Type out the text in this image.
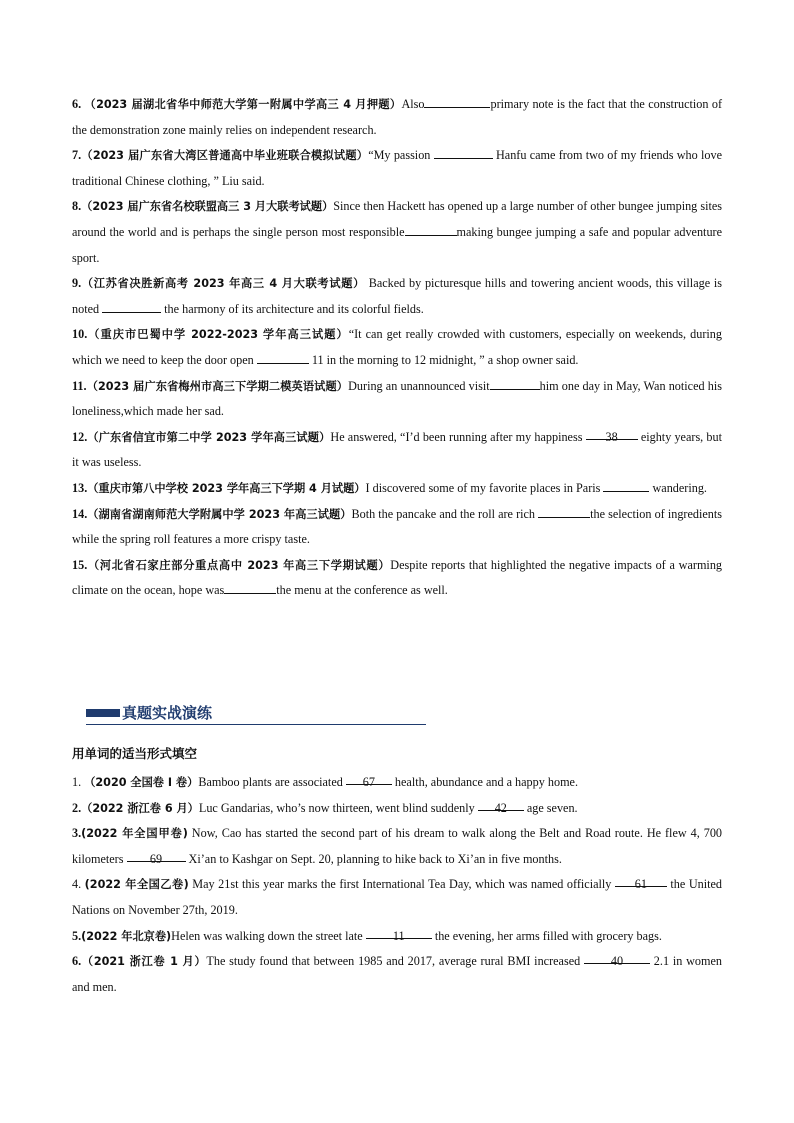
6. （2023 届湖北省华中师范大学第一附属中学高三 4 月押题）Also	primary note is the fact that the construction of the demonstration zone mainly relies on independent research.

7.（2023 届广东省大湾区普通高中毕业班联合模拟试题）“My passion	Hanfu came from two of my friends who love traditional Chinese clothing, ” Liu said.

8.（2023 届广东省名校联盟高三 3 月大联考试题）Since then Hackett has opened up a large number of other bungee jumping sites around the world and is perhaps the single person most responsible	making bungee jumping a safe and popular adventure sport.

9.（江苏省决胜新高考 2023 年高三 4 月大联考试题） Backed by picturesque hills and towering ancient woods, this village is noted	the harmony of its architecture and its colorful fields.

10.（重庆市巴蜀中学 2022-2023 学年高三试题）“It can get really crowded with customers, especially on weekends, during which we need to keep the door open	11 in the morning to 12 midnight, ” a shop owner said.

11.（2023 届广东省梅州市高三下学期二模英语试题）During an unannounced visit	him one day in May, Wan noticed his loneliness,which made her sad.

12.（广东省信宜市第二中学 2023 学年高三试题）He answered, “I’d been running after my happiness 38 eighty years, but it was useless.

13.（重庆市第八中学校 2023 学年高三下学期 4 月试题）I discovered some of my favorite places in Paris	wandering.

14.（湖南省湖南师范大学附属中学 2023 年高三试题）Both the pancake and the roll are rich	the selection of ingredients while the spring roll features a more crispy taste.

15.（河北省石家庄部分重点高中 2023 年高三下学期试题）Despite reports that highlighted the negative impacts of a warming climate on the ocean, hope was	the menu at the conference as well.

真题实战演练
用单词的适当形式填空

1. （2020 全国卷 I 卷）Bamboo plants are associated 67 health, abundance and a happy home.

2.（2022 浙江卷 6 月）Luc Gandarias, who’s now thirteen, went blind suddenly 42 age seven.

3.(2022 年全国甲卷) Now, Cao has started the second part of his dream to walk along the Belt and Road route. He flew 4, 700 kilometers 69 Xi’an to Kashgar on Sept. 20, planning to hike back to Xi’an in five months.

4. (2022 年全国乙卷) May 21st this year marks the first International Tea Day, which was named officially 61 the United Nations on November 27th, 2019.

5.(2022 年北京卷)Helen was walking down the street late 11 the evening, her arms filled with grocery bags.

6.（2021 浙江卷 1 月）The study found that between 1985 and 2017, average rural BMI increased 40 2.1 in women and men.
